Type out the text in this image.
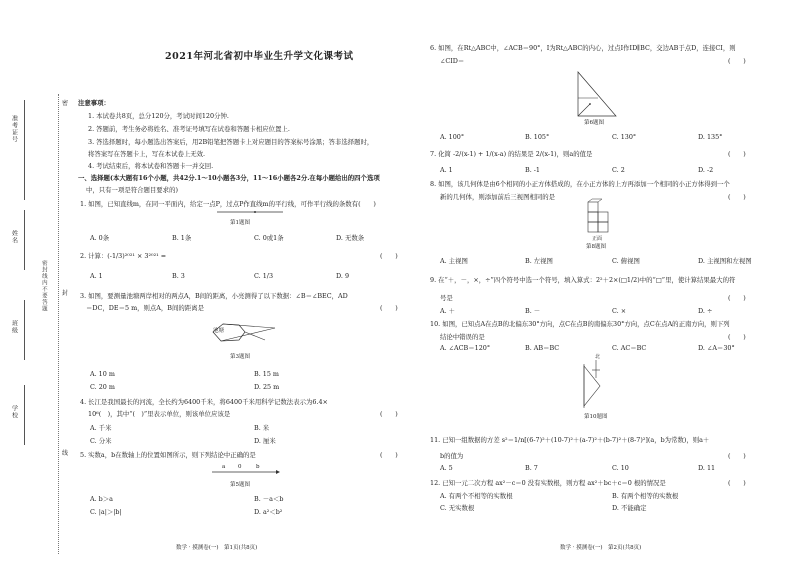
准考证号
姓名
班级
学校
密封线内不要答题
密
封
线
2021年河北省初中毕业生升学文化课考试
注意事项：
1. 本试卷共8页，总分120分，考试时间120分钟.
2. 答题前，考生务必将姓名、准考证号填写在试卷和答题卡相应位置上.
3. 答选择题时，每小题选出答案后，用2B铅笔把答题卡上对应题目的答案标号涂黑；答非选择题时，
将答案写在答题卡上，写在本试卷上无效.
4. 考试结束后，将本试卷和答题卡一并交回.
一、选择题(本大题有16个小题，共42分.1～10小题各3分，11～16小题各2分.在每小题给出的四个选项
中，只有一项是符合题目要求的)
1. 如图，已知直线m，在同一平面内，给定一点P，过点P作直线m的平行线，可作平行线的条数有(　　)
第1题图
A. 0条	B. 1条	C. 0或1条	D. 无数条
2. 计算：(-1/3)²⁰²¹ × 3²⁰²¹ =	(　　)
A. 1	B. 3	C. 1/3	D. 9
3. 如图，要测量池塘两岸相对的两点A，B间的距离，小亮测得了以下数据：∠B＝∠BEC，AD
＝DC，DE＝5 m，则点A，B间的距离是	(　　)
池塘
第3题图
A. 10 m	B. 15 m
C. 20 m	D. 25 m
4. 长江是我国最长的河流，全长约为6400千米，将6400千米用科学记数法表示为6.4×
10⁶(　)，其中“(　)”里表示单位，则该单位应该是	(　　)
A. 千米	B. 米
C. 分米	D. 厘米
5. 实数a，b在数轴上的位置如图所示，则下列结论中正确的是	(　　)
a 0	b
第5题图
A. b＞a	B. －a＜b
C. |a|＞|b|	D. a²＜b²
数学 · 摸测卷(一)　第1页(共8页)
6. 如图，在Rt△ABC中，∠ACB＝90°，I为Rt△ABC的内心，过点I作ID∥BC，交边AB于点D，连接CI，则
∠CID＝	(　　)
第6题图
A. 100°	B. 105°	C. 130°	D. 135°
7. 化简 -2/(x-1) + 1/(x-a) 的结果是 2/(x-1)，则a的值是	(　　)
A. 1	B. -1	C. 2	D. -2
8. 如图，该几何体是由6个相同的小正方体搭成的，在小正方体的上方再添加一个相同的小正方体得到一个
新的几何体，则添加前后三视图相同的是	(　　)
正面
第8题图
A. 主视图	B. 左视图	C. 俯视图	D. 主视图和左视图
9. 在“＋，－，×，÷”四个符号中选一个符号，填入算式：2²＋2×(□1/2)中的“□”里，使计算结果最大的符
号是	(　　)
A. ＋	B. －	C. ×	D. ÷
10. 如图，已知点A在点B的北偏东30°方向，点C在点B的南偏东30°方向，点C在点A的正南方向，则下列
结论中错误的是	(　　)
A. ∠ACB＝120°	B. AB＝BC	C. AC＝BC	D. ∠A＝30°
北
第10题图
11. 已知一组数据的方差 s²＝1/n[(6-7)²＋(10-7)²＋(a-7)²＋(b-7)²＋(8-7)²](a，b为常数)，则a＋
b的值为	(　　)
A. 5	B. 7	C. 10	D. 11
12. 已知一元二次方程 ax²－c＝0 没有实数根，则方程 ax²＋bc＋c＝0 根的情况是	(　　)
A. 有两个不相等的实数根	B. 有两个相等的实数根
C. 无实数根	D. 不能确定
数学 · 摸测卷(一)　第2页(共8页)
